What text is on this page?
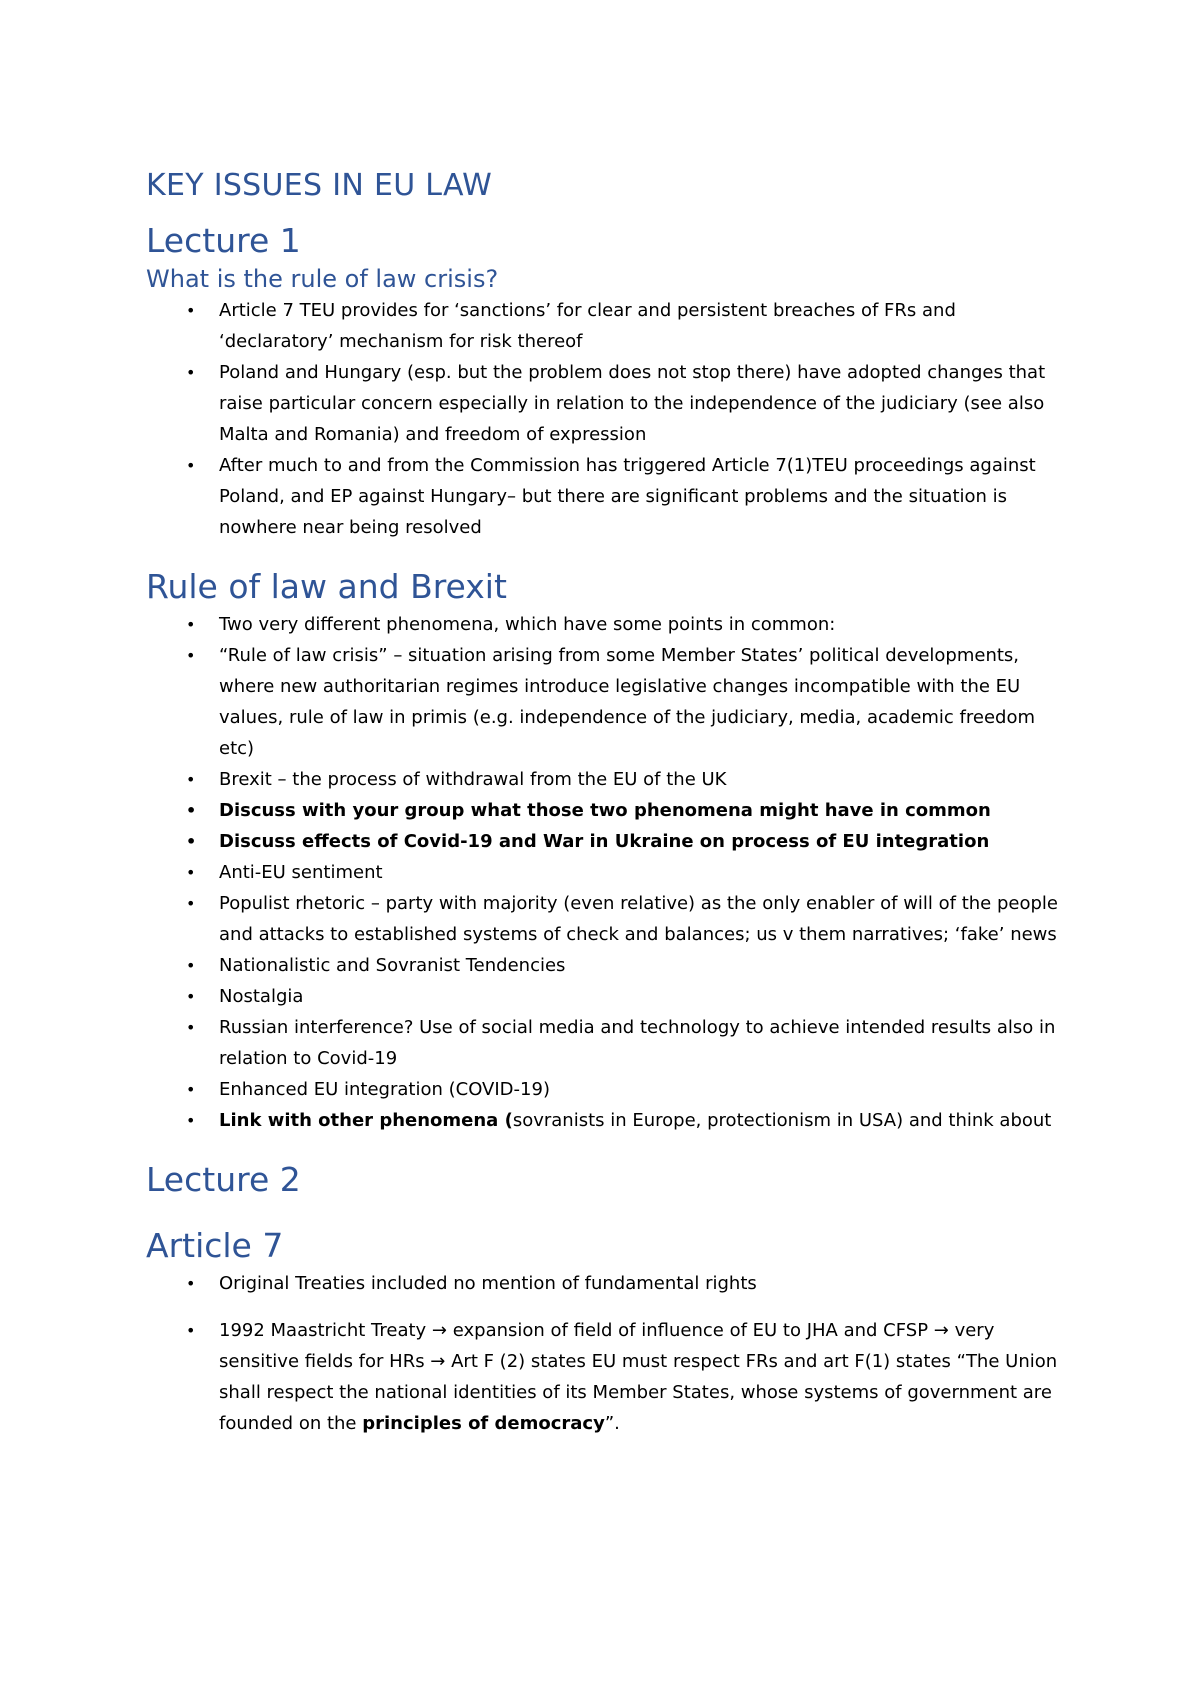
KEY ISSUES IN EU LAW
Lecture 1
What is the rule of law crisis?
• Article 7 TEU provides for ‘sanctions’ for clear and persistent breaches of FRs and ‘declaratory’ mechanism for risk thereof
• Poland and Hungary (esp. but the problem does not stop there) have adopted changes that raise particular concern especially in relation to the independence of the judiciary (see also Malta and Romania) and freedom of expression
• After much to and from the Commission has triggered Article 7(1)TEU proceedings against Poland, and EP against Hungary– but there are significant problems and the situation is nowhere near being resolved
Rule of law and Brexit
• Two very different phenomena, which have some points in common:
• “Rule of law crisis” – situation arising from some Member States’ political developments, where new authoritarian regimes introduce legislative changes incompatible with the EU values, rule of law in primis (e.g. independence of the judiciary, media, academic freedom etc)
• Brexit – the process of withdrawal from the EU of the UK
• Discuss with your group what those two phenomena might have in common
• Discuss effects of Covid-19 and War in Ukraine on process of EU integration
• Anti-EU sentiment
• Populist rhetoric – party with majority (even relative) as the only enabler of will of the people and attacks to established systems of check and balances; us v them narratives; ‘fake’ news
• Nationalistic and Sovranist Tendencies
• Nostalgia
• Russian interference? Use of social media and technology to achieve intended results also in relation to Covid-19
• Enhanced EU integration (COVID-19)
• Link with other phenomena (sovranists in Europe, protectionism in USA) and think about
Lecture 2
Article 7
• Original Treaties included no mention of fundamental rights
• 1992 Maastricht Treaty → expansion of field of influence of EU to JHA and CFSP → very sensitive fields for HRs → Art F (2) states EU must respect FRs and art F(1) states “The Union shall respect the national identities of its Member States, whose systems of government are founded on the principles of democracy”.
